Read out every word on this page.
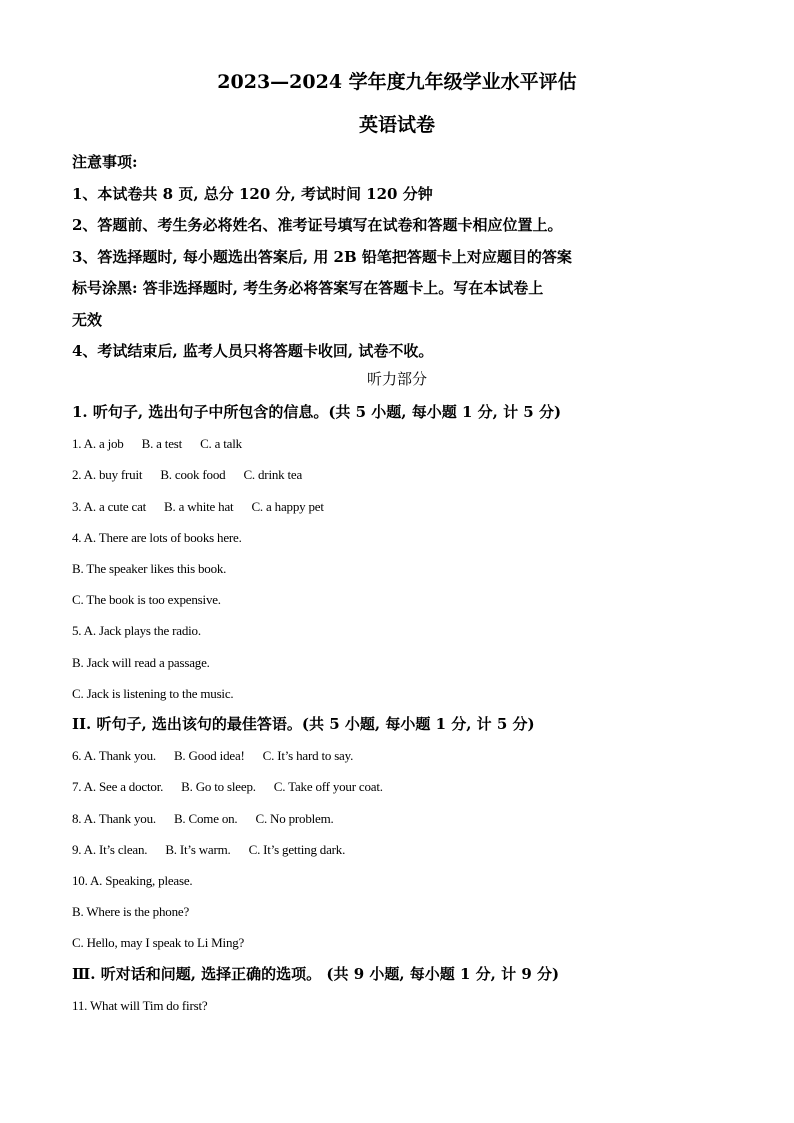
2023—2024 学年度九年级学业水平评估
英语试卷
注意事项:
1、本试卷共 8 页, 总分 120 分, 考试时间 120 分钟
2、答题前、考生务必将姓名、准考证号填写在试卷和答题卡相应位置上。
3、答选择题时, 每小题选出答案后, 用 2B 铅笔把答题卡上对应题目的答案
标号涂黑: 答非选择题时, 考生务必将答案写在答题卡上。写在本试卷上
无效
4、考试结束后, 监考人员只将答题卡收回, 试卷不收。
听力部分
1. 听句子, 选出句子中所包含的信息。(共 5 小题, 每小题 1 分, 计 5 分)
1. A. a job B. a test C. a talk
2. A. buy fruit B. cook food C. drink tea
3. A. a cute cat B. a white hat C. a happy pet
4. A. There are lots of books here.
B. The speaker likes this book.
C. The book is too expensive.
5. A. Jack plays the radio.
B. Jack will read a passage.
C. Jack is listening to the music.
II. 听句子, 选出该句的最佳答语。(共 5 小题, 每小题 1 分, 计 5 分)
6. A. Thank you. B. Good idea! C. It’s hard to say.
7. A. See a doctor. B. Go to sleep. C. Take off your coat.
8. A. Thank you. B. Come on. C. No problem.
9. A. It’s clean. B. It’s warm. C. It’s getting dark.
10. A. Speaking, please.
B. Where is the phone?
C. Hello, may I speak to Li Ming?
Ⅲ. 听对话和问题, 选择正确的选项。 (共 9 小题, 每小题 1 分, 计 9 分)
11. What will Tim do first?
